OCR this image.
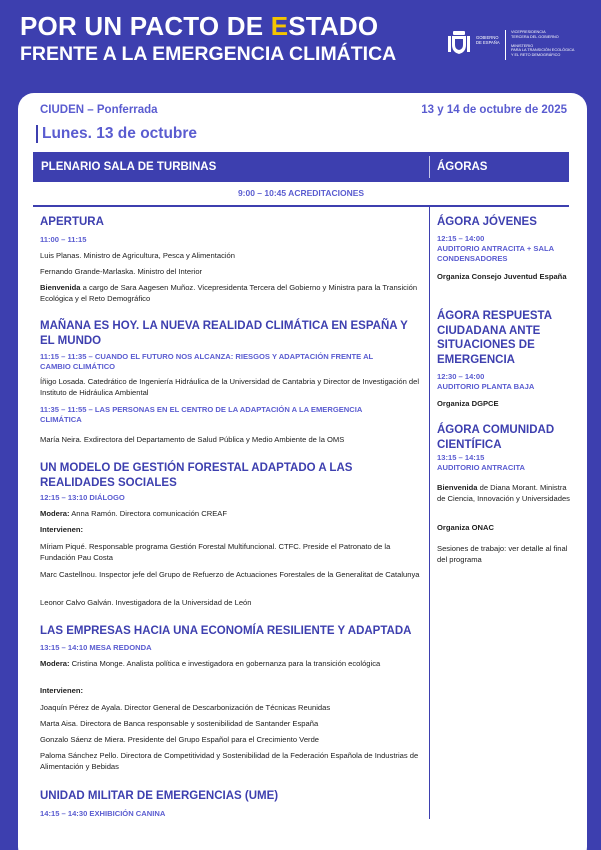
POR UN PACTO DE ESTADO
FRENTE A LA EMERGENCIA CLIMÁTICA
GOBIERNO
DE ESPAÑA
VICEPRESIDENCIA
TERCERA DEL GOBIERNO

MINISTERIO
PARA LA TRANSICIÓN ECOLÓGICA
Y EL RETO DEMOGRÁFICO
CIUDEN – Ponferrada	13 y 14 de octubre de 2025
Lunes. 13 de octubre
PLENARIO SALA DE TURBINAS	ÁGORAS
9:00 – 10:45 ACREDITACIONES
APERTURA
11:00 – 11:15
Luis Planas. Ministro de Agricultura, Pesca y Alimentación
Fernando Grande-Marlaska. Ministro del Interior
Bienvenida a cargo de Sara Aagesen Muñoz. Vicepresidenta Tercera del Gobierno y Ministra para la Transición Ecológica y el Reto Demográfico
MAÑANA ES HOY. LA NUEVA REALIDAD CLIMÁTICA EN ESPAÑA Y EL MUNDO
11:15 – 11:35 – CUANDO EL FUTURO NOS ALCANZA: RIESGOS Y ADAPTACIÓN FRENTE AL CAMBIO CLIMÁTICO
Íñigo Losada. Catedrático de Ingeniería Hidráulica de la Universidad de Cantabria y Director de Investigación del Instituto de Hidráulica Ambiental
11:35 – 11:55 – LAS PERSONAS EN EL CENTRO DE LA ADAPTACIÓN A LA EMERGENCIA CLIMÁTICA
María Neira. Exdirectora del Departamento de Salud Pública y Medio Ambiente de la OMS
UN MODELO DE GESTIÓN FORESTAL ADAPTADO A LAS REALIDADES SOCIALES
12:15 – 13:10 DIÁLOGO
Modera: Anna Ramón. Directora comunicación CREAF
Intervienen:
Míriam Piqué. Responsable programa Gestión Forestal Multifuncional. CTFC. Preside el Patronato de la Fundación Pau Costa
Marc Castellnou. Inspector jefe del Grupo de Refuerzo de Actuaciones Forestales de la Generalitat de Catalunya
Leonor Calvo Galván. Investigadora de la Universidad de León
LAS EMPRESAS HACIA UNA ECONOMÍA RESILIENTE Y ADAPTADA
13:15 – 14:10 MESA REDONDA
Modera: Cristina Monge. Analista política e investigadora en gobernanza para la transición ecológica
Intervienen:
Joaquín Pérez de Ayala. Director General de Descarbonización de Técnicas Reunidas
Marta Aisa. Directora de Banca responsable y sostenibilidad de Santander España
Gonzalo Sáenz de Miera. Presidente del Grupo Español para el Crecimiento Verde
Paloma Sánchez Pello. Directora de Competitividad y Sostenibilidad de la Federación Española de Industrias de Alimentación y Bebidas
UNIDAD MILITAR DE EMERGENCIAS (UME)
14:15 – 14:30 EXHIBICIÓN CANINA
ÁGORA JÓVENES
12:15 – 14:00
AUDITORIO ANTRACITA + SALA CONDENSADORES
Organiza Consejo Juventud España
ÁGORA RESPUESTA CIUDADANA ANTE SITUACIONES DE EMERGENCIA
12:30 – 14:00
AUDITORIO PLANTA BAJA
Organiza DGPCE
ÁGORA COMUNIDAD CIENTÍFICA
13:15 – 14:15
AUDITORIO ANTRACITA
Bienvenida de Diana Morant. Ministra de Ciencia, Innovación y Universidades
Organiza ONAC
Sesiones de trabajo: ver detalle al final del programa
